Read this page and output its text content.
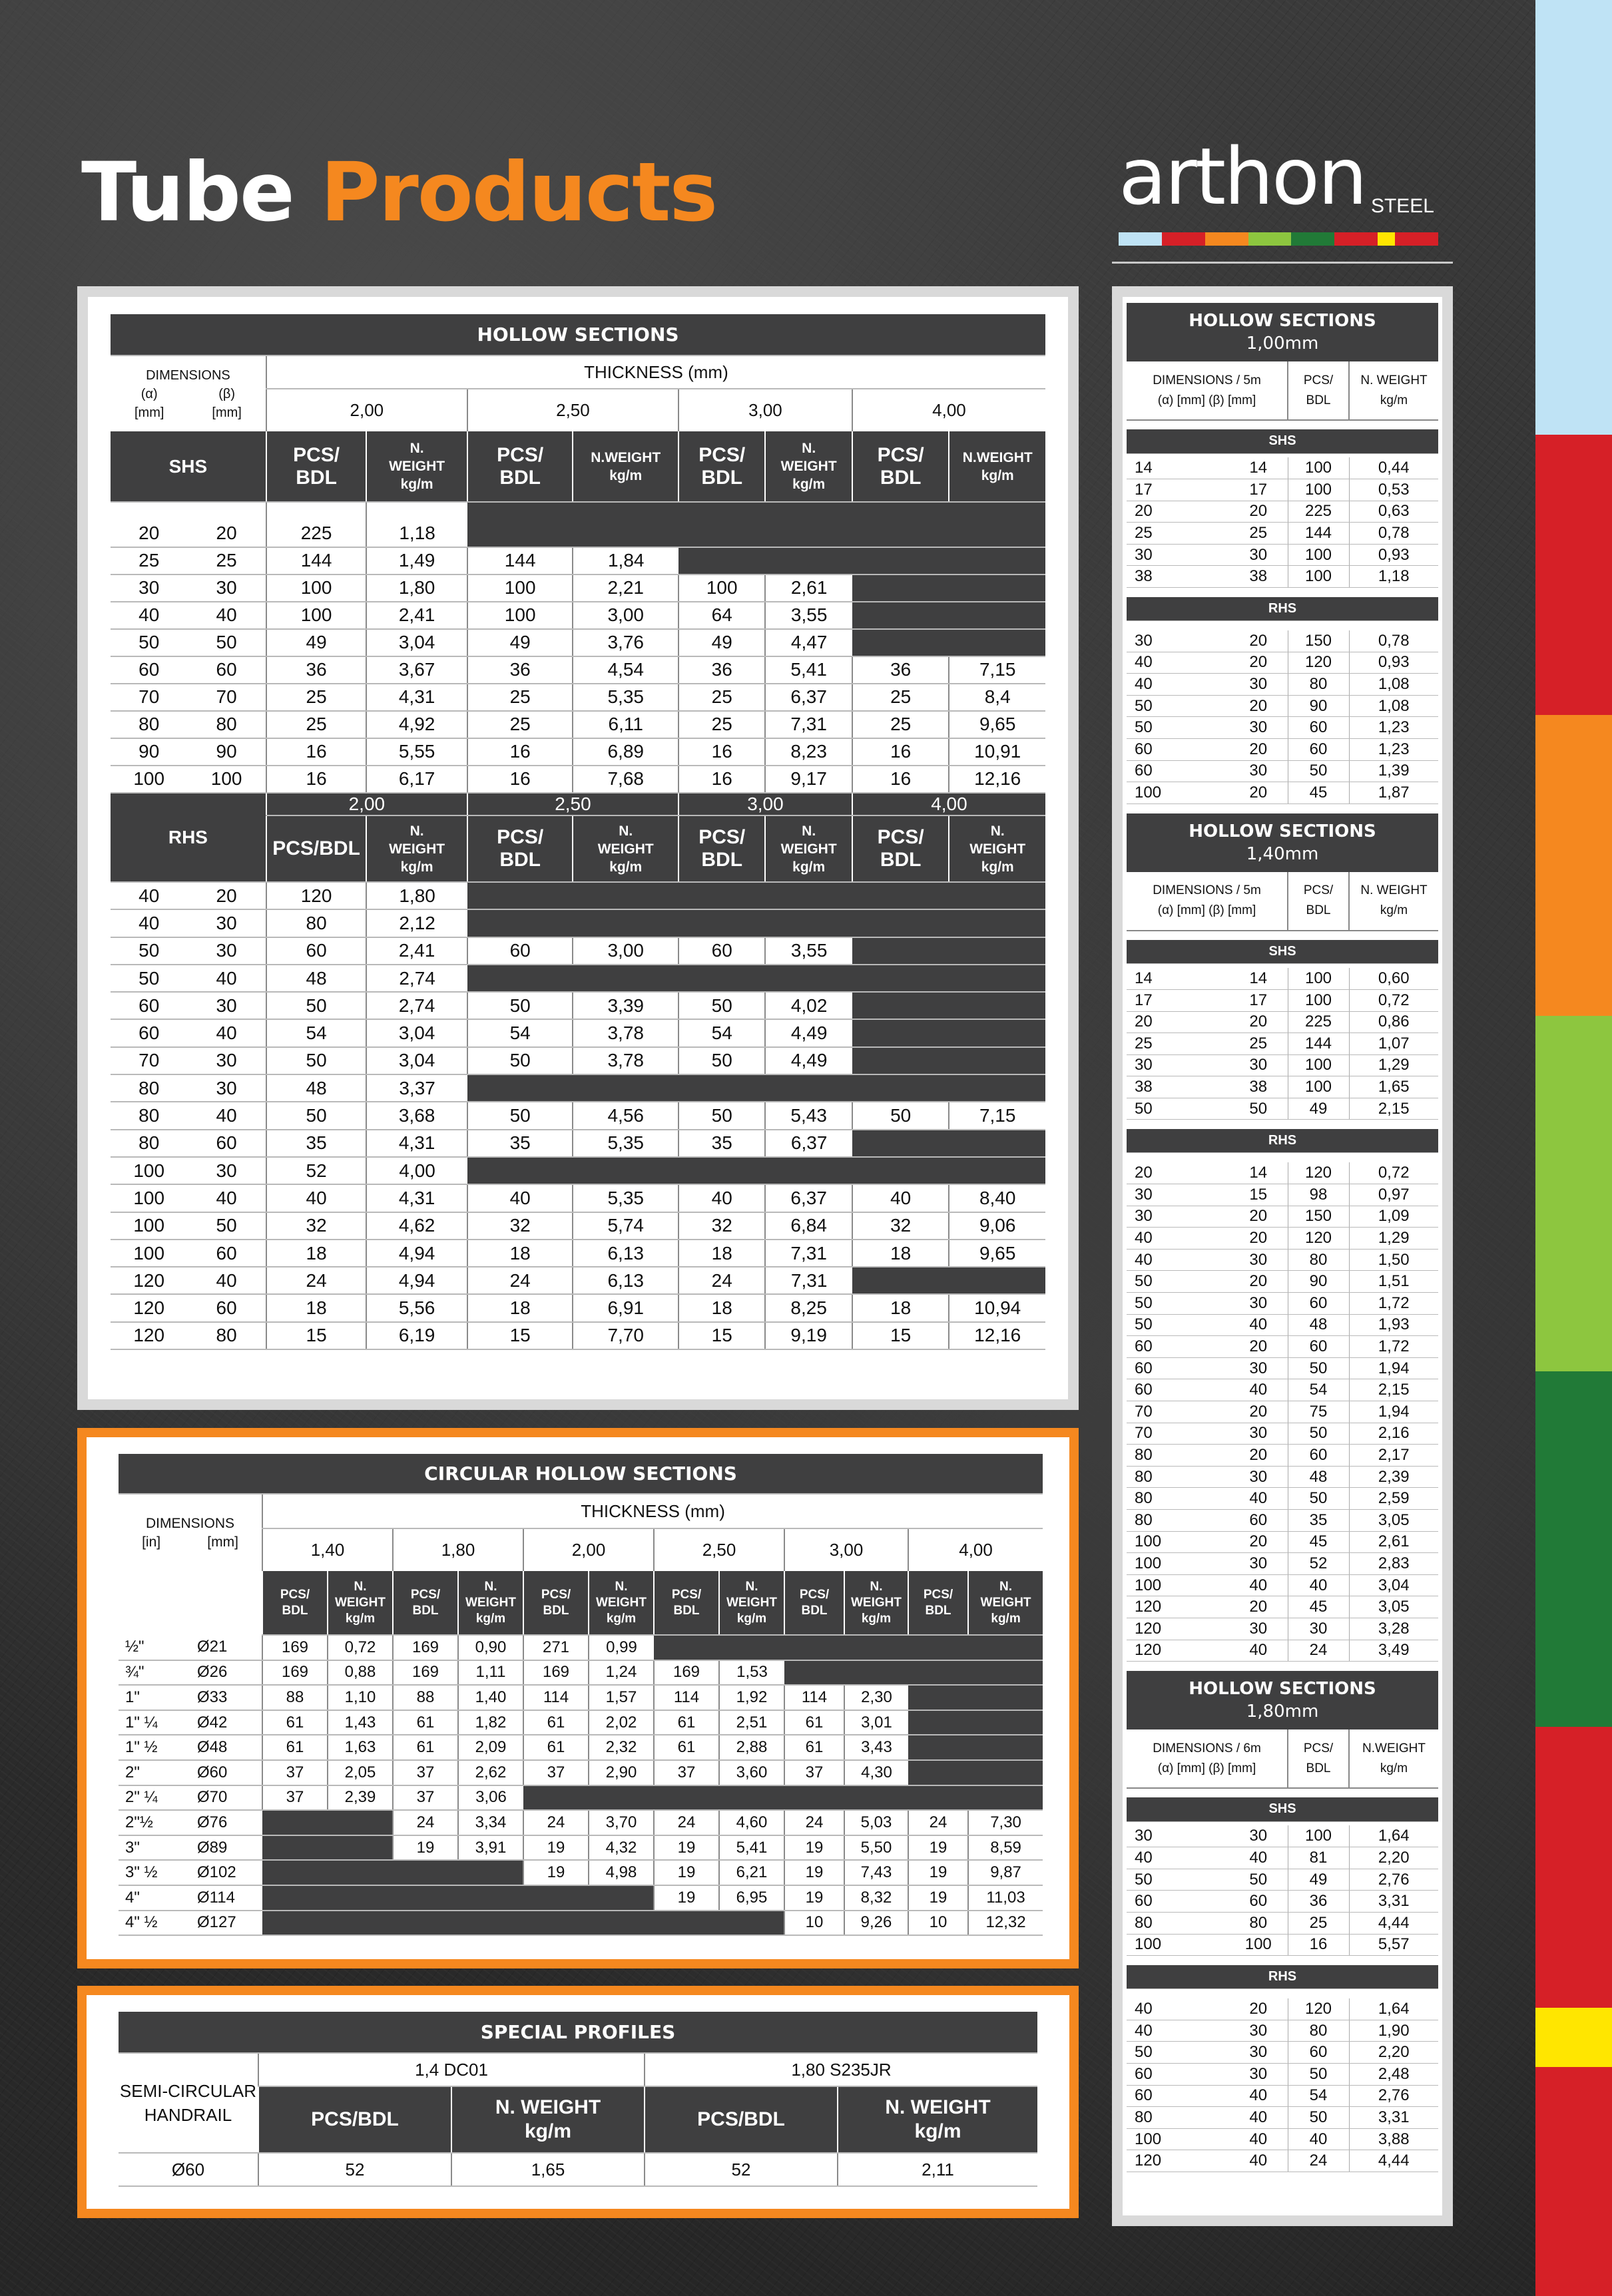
Tube Products	arthon STEEL
HOLLOW SECTIONS									

DIMENSIONS
(α)
[mm]
(β)
[mm]		THICKNESS (mm)							
		2,00		2,50		3,00		4,00	
SHS		PCS/
BDL	N.
WEIGHT
kg/m	PCS/
BDL	N.WEIGHT
kg/m	PCS/
BDL	N.
WEIGHT
kg/m	PCS/
BDL	N.WEIGHT
kg/m
20	20	225	1,18						
25	25	144	1,49	144	1,84				
30	30	100	1,80	100	2,21	100	2,61		
40	40	100	2,41	100	3,00	64	3,55		
50	50	49	3,04	49	3,76	49	4,47		
60	60	36	3,67	36	4,54	36	5,41	36	7,15
70	70	25	4,31	25	5,35	25	6,37	25	8,4
80	80	25	4,92	25	6,11	25	7,31	25	9,65
90	90	16	5,55	16	6,89	16	8,23	16	10,91
100	100	16	6,17	16	7,68	16	9,17	16	12,16
RHS		2,00		2,50		3,00		4,00	
		PCS/BDL	N.
WEIGHT
kg/m	PCS/
BDL	N.
WEIGHT
kg/m	PCS/
BDL	N.
WEIGHT
kg/m	PCS/
BDL	N.
WEIGHT
kg/m
40	20	120	1,80						
40	30	80	2,12						
50	30	60	2,41	60	3,00	60	3,55		
50	40	48	2,74						
60	30	50	2,74	50	3,39	50	4,02		
60	40	54	3,04	54	3,78	54	4,49		
70	30	50	3,04	50	3,78	50	4,49		
80	30	48	3,37						
80	40	50	3,68	50	4,56	50	5,43	50	7,15
80	60	35	4,31	35	5,35	35	6,37		
100	30	52	4,00						
100	40	40	4,31	40	5,35	40	6,37	40	8,40
100	50	32	4,62	32	5,74	32	6,84	32	9,06
100	60	18	4,94	18	6,13	18	7,31	18	9,65
120	40	24	4,94	24	6,13	24	7,31		
120	60	18	5,56	18	6,91	18	8,25	18	10,94
120	80	15	6,19	15	7,70	15	9,19	15	12,16
CIRCULAR HOLLOW SECTIONS													

DIMENSIONS
[in] [mm]		THICKNESS (mm)											
		1,40		1,80		2,00		2,50		3,00		4,00	
		PCS/
BDL	N.
WEIGHT
kg/m	PCS/
BDL	N.
WEIGHT
kg/m	PCS/
BDL	N.
WEIGHT
kg/m	PCS/
BDL	N.
WEIGHT
kg/m	PCS/
BDL	N.
WEIGHT
kg/m	PCS/
BDL	N.
WEIGHT
kg/m
½"	Ø21	169	0,72	169	0,90	271	0,99						
¾"	Ø26	169	0,88	169	1,11	169	1,24	169	1,53				
1"	Ø33	88	1,10	88	1,40	114	1,57	114	1,92	114	2,30		
1" ¼	Ø42	61	1,43	61	1,82	61	2,02	61	2,51	61	3,01		
1" ½	Ø48	61	1,63	61	2,09	61	2,32	61	2,88	61	3,43		
2"	Ø60	37	2,05	37	2,62	37	2,90	37	3,60	37	4,30		
2" ¼	Ø70	37	2,39	37	3,06								
2"½	Ø76			24	3,34	24	3,70	24	4,60	24	5,03	24	7,30
3"	Ø89			19	3,91	19	4,32	19	5,41	19	5,50	19	8,59
3" ½	Ø102					19	4,98	19	6,21	19	7,43	19	9,87
4"	Ø114							19	6,95	19	8,32	19	11,03
4" ½	Ø127									10	9,26	10	12,32
SPECIAL PROFILES				
SEMI-CIRCULAR
HANDRAIL	1,4 DC01		1,80 S235JR	
	PCS/BDL	N. WEIGHT
kg/m	PCS/BDL	N. WEIGHT
kg/m
Ø60	52	1,65	52	2,11
HOLLOW SECTIONS
1,00mm			

DIMENSIONS / 5m
(α) [mm] (β) [mm]		PCS/
BDL	N. WEIGHT
kg/m

SHS			

14	14	100	0,44
17	17	100	0,53
20	20	225	0,63
25	25	144	0,78
30	30	100	0,93
38	38	100	1,18

RHS			

30	20	150	0,78
40	20	120	0,93
40	30	80	1,08
50	20	90	1,08
50	30	60	1,23
60	20	60	1,23
60	30	50	1,39
100	20	45	1,87
HOLLOW SECTIONS
1,40mm			

DIMENSIONS / 5m
(α) [mm] (β) [mm]		PCS/
BDL	N. WEIGHT
kg/m

SHS			

14	14	100	0,60
17	17	100	0,72
20	20	225	0,86
25	25	144	1,07
30	30	100	1,29
38	38	100	1,65
50	50	49	2,15

RHS			

20	14	120	0,72
30	15	98	0,97
30	20	150	1,09
40	20	120	1,29
40	30	80	1,50
50	20	90	1,51
50	30	60	1,72
50	40	48	1,93
60	20	60	1,72
60	30	50	1,94
60	40	54	2,15
70	20	75	1,94
70	30	50	2,16
80	20	60	2,17
80	30	48	2,39
80	40	50	2,59
80	60	35	3,05
100	20	45	2,61
100	30	52	2,83
100	40	40	3,04
120	20	45	3,05
120	30	30	3,28
120	40	24	3,49
HOLLOW SECTIONS
1,80mm			

DIMENSIONS / 6m
(α) [mm] (β) [mm]		PCS/
BDL	N.WEIGHT
kg/m

SHS			

30	30	100	1,64
40	40	81	2,20
50	50	49	2,76
60	60	36	3,31
80	80	25	4,44
100	100	16	5,57

RHS			

40	20	120	1,64
40	30	80	1,90
50	30	60	2,20
60	30	50	2,48
60	40	54	2,76
80	40	50	3,31
100	40	40	3,88
120	40	24	4,44
